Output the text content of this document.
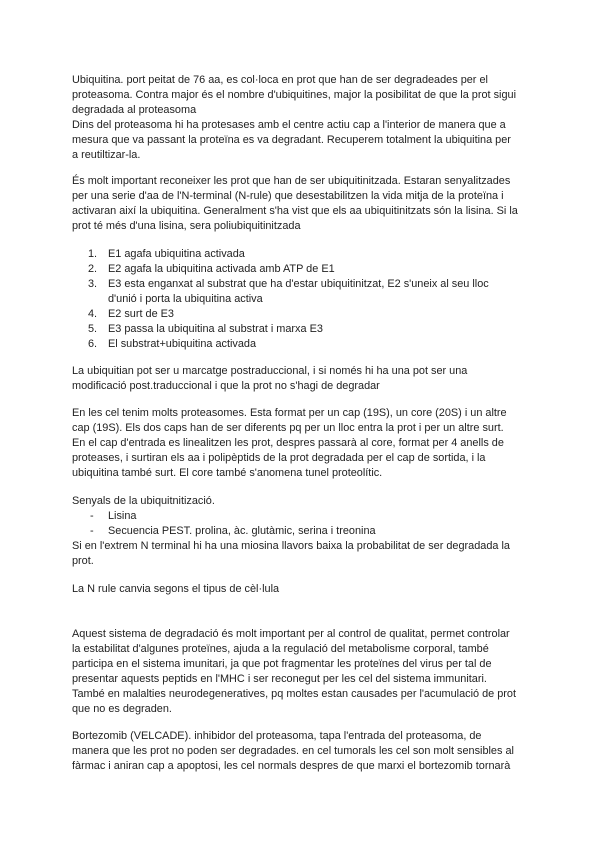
Ubiquitina. port peitat de 76 aa, es col·loca en prot que han de ser degradeades per el

proteasoma. Contra major és el nombre d'ubiquitines, major la posibilitat de que la prot sigui

degradada al proteasoma

Dins del proteasoma hi ha protesases amb el centre actiu cap a l'interior de manera que a

mesura que va passant la proteïna es va degradant. Recuperem totalment la ubiquitina per

a reutiltizar-la.

És molt important reconeixer les prot que han de ser ubiquitinitzada. Estaran senyalitzades

per una serie d'aa de l'N-terminal (N-rule) que desestabilitzen la vida mitja de la proteïna i

activaran així la ubiquitina. Generalment s'ha vist que els aa ubiquitinitzats són la lisina. Si la

prot té més d'una lisina, sera poliubiquitinitzada

1. E1 agafa ubiquitina activada
2. E2 agafa la ubiquitina activada amb ATP de E1
3. E3 esta enganxat al substrat que ha d'estar ubiquitinitzat, E2 s'uneix al seu lloc
d'unió i porta la ubiquitina activa
4. E2 surt de E3
5. E3 passa la ubiquitina al substrat i marxa E3
6. El substrat+ubiquitina activada

La ubiquitian pot ser u marcatge postraduccional, i si només hi ha una pot ser una

modificació post.traduccional i que la prot no s'hagi de degradar

En les cel tenim molts proteasomes. Esta format per un cap (19S), un core (20S) i un altre

cap (19S). Els dos caps han de ser diferents pq per un lloc entra la prot i per un altre surt.

En el cap d'entrada es linealitzen les prot, despres passarà al core, format per 4 anells de

proteases, i surtiran els aa i polipèptids de la prot degradada per el cap de sortida, i la

ubiquitina també surt. El core també s'anomena tunel proteolític.

Senyals de la ubiquitnitizació.

- Lisina
- Secuencia PEST. prolina, àc. glutàmic, serina i treonina

Si en l'extrem N terminal hi ha una miosina llavors baixa la probabilitat de ser degradada la

prot.

La N rule canvia segons el tipus de cèl·lula

Aquest sistema de degradació és molt important per al control de qualitat, permet controlar

la estabilitat d'algunes proteïnes, ajuda a la regulació del metabolisme corporal, també

participa en el sistema imunitari, ja que pot fragmentar les proteïnes del virus per tal de

presentar aquests peptids en l'MHC i ser reconegut per les cel del sistema immunitari.

També en malalties neurodegeneratives, pq moltes estan causades per l'acumulació de prot

que no es degraden.

Bortezomib (VELCADE). inhibidor del proteasoma, tapa l'entrada del proteasoma, de

manera que les prot no poden ser degradades. en cel tumorals les cel son molt sensibles al

fàrmac i aniran cap a apoptosi, les cel normals despres de que marxi el bortezomib tornarà
